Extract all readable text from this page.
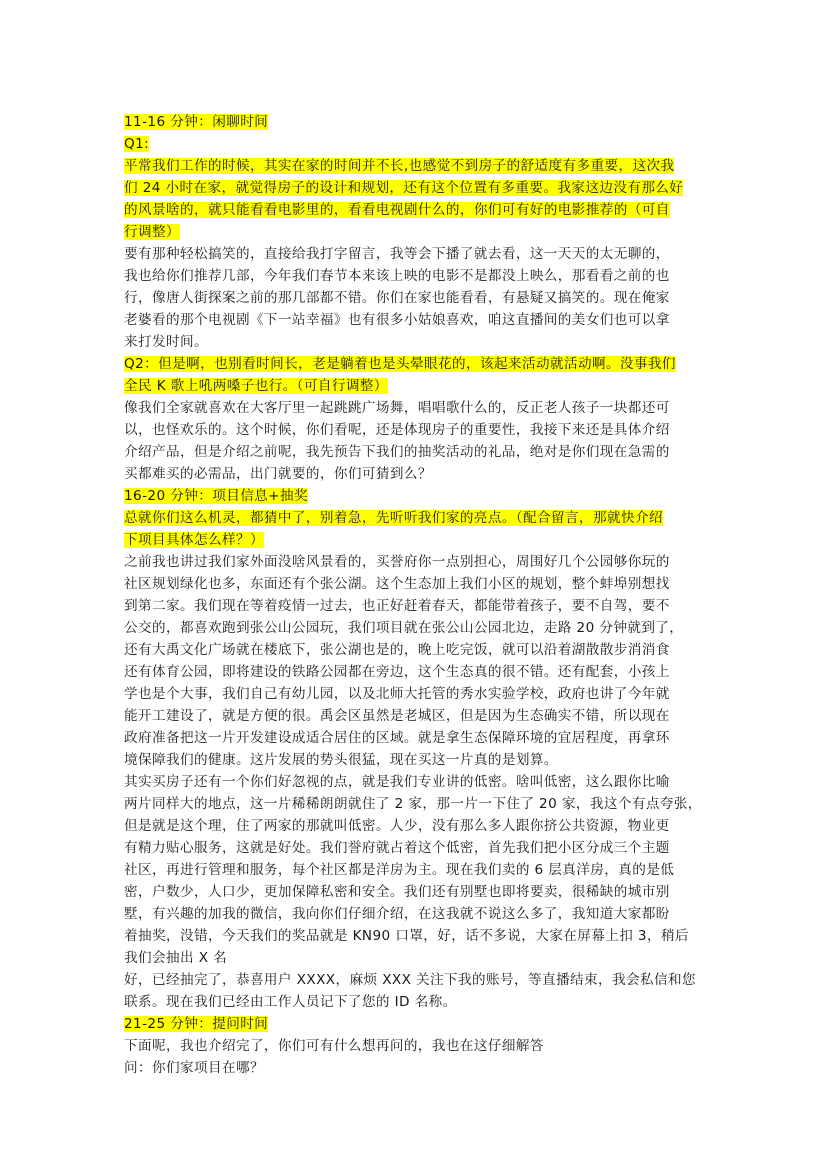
11-16 分钟：闲聊时间
Q1:
平常我们工作的时候，其实在家的时间并不长,也感觉不到房子的舒适度有多重要，这次我
们 24 小时在家，就觉得房子的设计和规划，还有这个位置有多重要。我家这边没有那么好
的风景啥的，就只能看看电影里的，看看电视剧什么的，你们可有好的电影推荐的（可自
行调整）
要有那种轻松搞笑的，直接给我打字留言，我等会下播了就去看，这一天天的太无聊的，
我也给你们推荐几部，今年我们春节本来该上映的电影不是都没上映么，那看看之前的也
行，像唐人街探案之前的那几部都不错。你们在家也能看看，有悬疑又搞笑的。现在俺家
老婆看的那个电视剧《下一站幸福》也有很多小姑娘喜欢，咱这直播间的美女们也可以拿
来打发时间。
Q2：但是啊，也别看时间长，老是躺着也是头晕眼花的，该起来活动就活动啊。没事我们
全民 K 歌上吼两嗓子也行。（可自行调整）
像我们全家就喜欢在大客厅里一起跳跳广场舞，唱唱歌什么的，反正老人孩子一块都还可
以，也怪欢乐的。这个时候，你们看呢，还是体现房子的重要性，我接下来还是具体介绍
介绍产品，但是介绍之前呢，我先预告下我们的抽奖活动的礼品，绝对是你们现在急需的
买都难买的必需品，出门就要的，你们可猜到么？
16-20 分钟：项目信息+抽奖
总就你们这么机灵，都猜中了，别着急，先听听我们家的亮点。（配合留言，那就快介绍
下项目具体怎么样？）
之前我也讲过我们家外面没啥风景看的，买誉府你一点别担心，周围好几个公园够你玩的
社区规划绿化也多，东面还有个张公湖。这个生态加上我们小区的规划，整个蚌埠别想找
到第二家。我们现在等着疫情一过去，也正好赶着春天，都能带着孩子，要不自驾，要不
公交的，都喜欢跑到张公山公园玩，我们项目就在张公山公园北边，走路 20 分钟就到了，
还有大禹文化广场就在楼底下，张公湖也是的，晚上吃完饭，就可以沿着湖散散步消消食
还有体育公园，即将建设的铁路公园都在旁边，这个生态真的很不错。还有配套，小孩上
学也是个大事，我们自己有幼儿园，以及北师大托管的秀水实验学校，政府也讲了今年就
能开工建设了，就是方便的很。禹会区虽然是老城区，但是因为生态确实不错，所以现在
政府准备把这一片开发建设成适合居住的区域。就是拿生态保障环境的宜居程度，再拿环
境保障我们的健康。这片发展的势头很猛，现在买这一片真的是划算。
其实买房子还有一个你们好忽视的点，就是我们专业讲的低密。啥叫低密，这么跟你比喻
两片同样大的地点，这一片稀稀朗朗就住了 2 家，那一片一下住了 20 家，我这个有点夸张，
但是就是这个理，住了两家的那就叫低密。人少，没有那么多人跟你挤公共资源，物业更
有精力贴心服务，这就是好处。我们誉府就占着这个低密，首先我们把小区分成三个主题
社区，再进行管理和服务，每个社区都是洋房为主。现在我们卖的 6 层真洋房，真的是低
密，户数少，人口少，更加保障私密和安全。我们还有别墅也即将要卖，很稀缺的城市别
墅，有兴趣的加我的微信，我向你们仔细介绍，在这我就不说这么多了，我知道大家都盼
着抽奖，没错，今天我们的奖品就是 KN90 口罩，好，话不多说，大家在屏幕上扣 3，稍后
我们会抽出 X 名
好，已经抽完了，恭喜用户 XXXX，麻烦 XXX 关注下我的账号，等直播结束，我会私信和您
联系。现在我们已经由工作人员记下了您的 ID 名称。
21-25 分钟：提问时间
下面呢，我也介绍完了，你们可有什么想再问的，我也在这仔细解答
问：你们家项目在哪？
